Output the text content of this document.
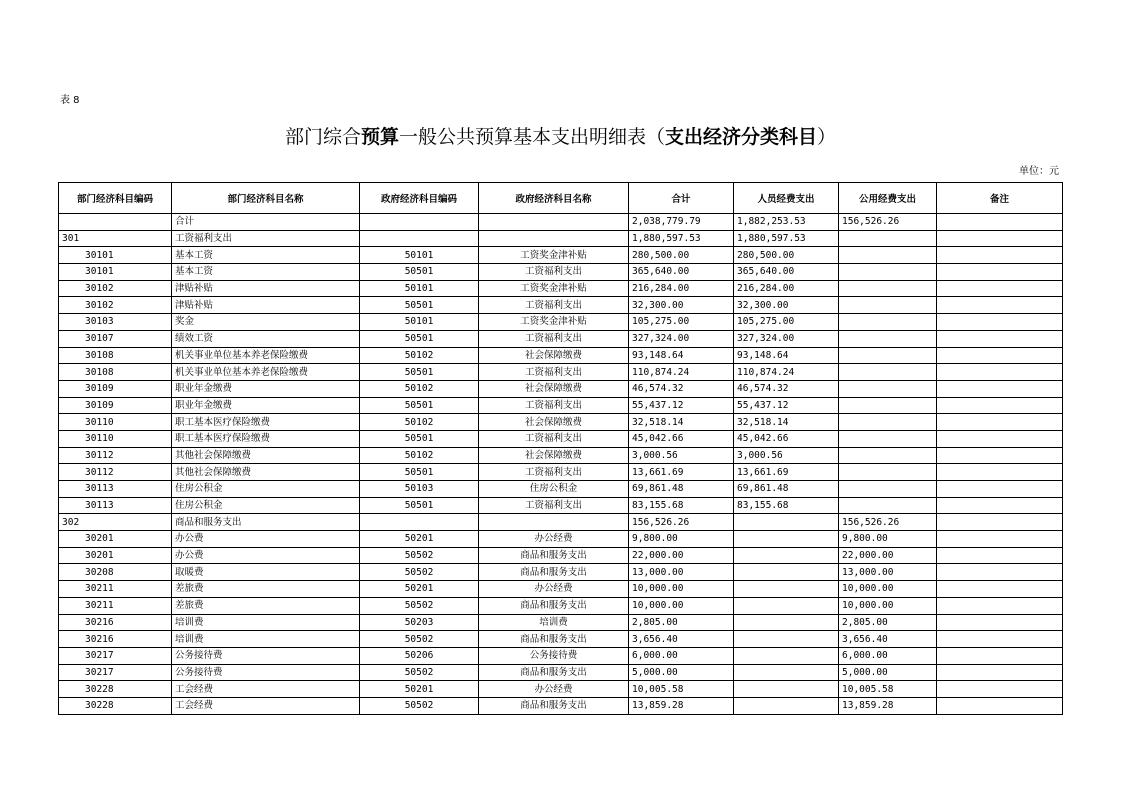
表 8
部门综合预算一般公共预算基本支出明细表（支出经济分类科目）
单位：元
部门经济科目编码	部门经济科目名称	政府经济科目编码	政府经济科目名称	合计	人员经费支出	公用经费支出	备注
	合计			2,038,779.79	1,882,253.53	156,526.26	
301	工资福利支出			1,880,597.53	1,880,597.53		
30101	基本工资	50101	工资奖金津补贴	280,500.00	280,500.00		
30101	基本工资	50501	工资福利支出	365,640.00	365,640.00		
30102	津贴补贴	50101	工资奖金津补贴	216,284.00	216,284.00		
30102	津贴补贴	50501	工资福利支出	32,300.00	32,300.00		
30103	奖金	50101	工资奖金津补贴	105,275.00	105,275.00		
30107	绩效工资	50501	工资福利支出	327,324.00	327,324.00		
30108	机关事业单位基本养老保险缴费	50102	社会保障缴费	93,148.64	93,148.64		
30108	机关事业单位基本养老保险缴费	50501	工资福利支出	110,874.24	110,874.24		
30109	职业年金缴费	50102	社会保障缴费	46,574.32	46,574.32		
30109	职业年金缴费	50501	工资福利支出	55,437.12	55,437.12		
30110	职工基本医疗保险缴费	50102	社会保障缴费	32,518.14	32,518.14		
30110	职工基本医疗保险缴费	50501	工资福利支出	45,042.66	45,042.66		
30112	其他社会保障缴费	50102	社会保障缴费	3,000.56	3,000.56		
30112	其他社会保障缴费	50501	工资福利支出	13,661.69	13,661.69		
30113	住房公积金	50103	住房公积金	69,861.48	69,861.48		
30113	住房公积金	50501	工资福利支出	83,155.68	83,155.68		
302	商品和服务支出			156,526.26		156,526.26	
30201	办公费	50201	办公经费	9,800.00		9,800.00	
30201	办公费	50502	商品和服务支出	22,000.00		22,000.00	
30208	取暖费	50502	商品和服务支出	13,000.00		13,000.00	
30211	差旅费	50201	办公经费	10,000.00		10,000.00	
30211	差旅费	50502	商品和服务支出	10,000.00		10,000.00	
30216	培训费	50203	培训费	2,805.00		2,805.00	
30216	培训费	50502	商品和服务支出	3,656.40		3,656.40	
30217	公务接待费	50206	公务接待费	6,000.00		6,000.00	
30217	公务接待费	50502	商品和服务支出	5,000.00		5,000.00	
30228	工会经费	50201	办公经费	10,005.58		10,005.58	
30228	工会经费	50502	商品和服务支出	13,859.28		13,859.28	
